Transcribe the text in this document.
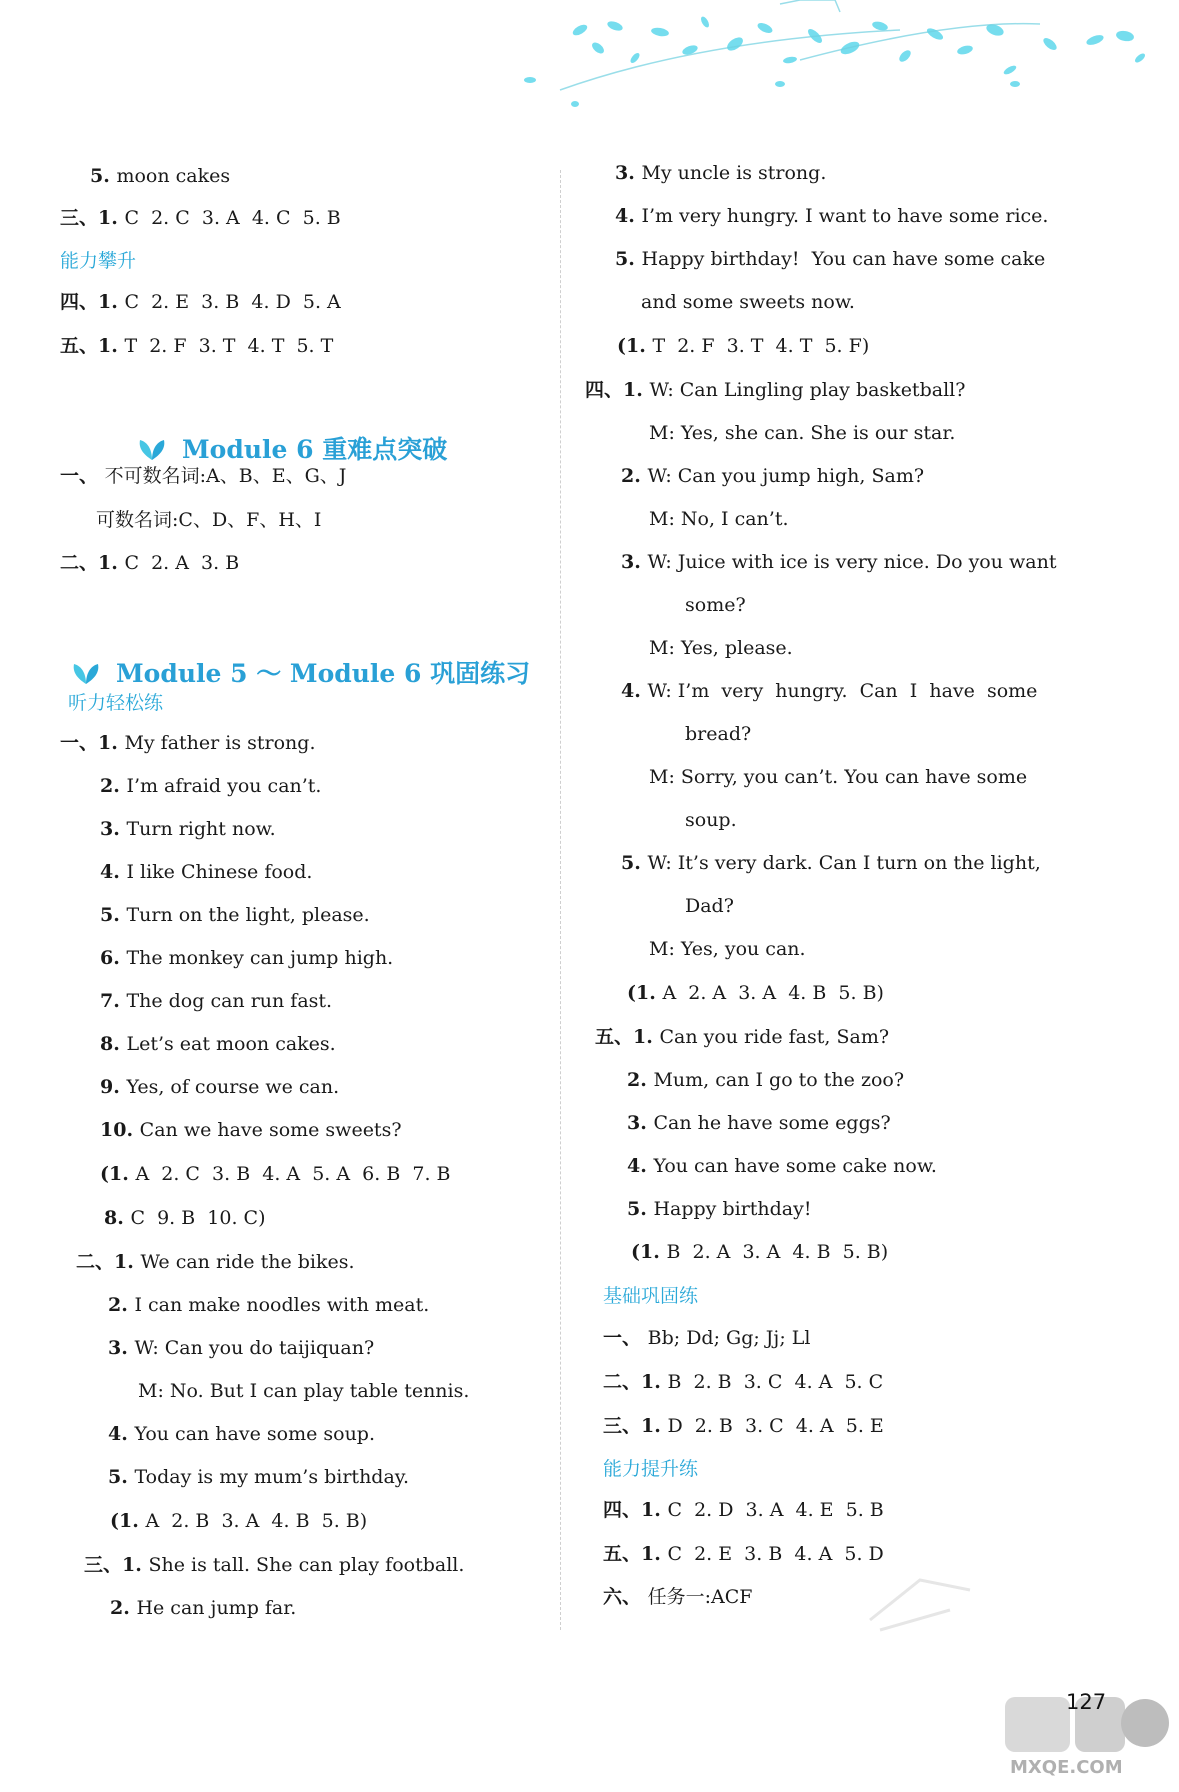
Module 6 重难点突破
Module 5 ～ Module 6 巩固练习
5. moon cakes
三、1. C  2. C  3. A  4. C  5. B
能力攀升
四、1. C  2. E  3. B  4. D  5. A
五、1. T  2. F  3. T  4. T  5. T
一、 不可数名词:A、B、E、G、J
可数名词:C、D、F、H、I
二、1. C  2. A  3. B
听力轻松练
一、1. My father is strong.
2. I’m afraid you can’t.
3. Turn right now.
4. I like Chinese food.
5. Turn on the light, please.
6. The monkey can jump high.
7. The dog can run fast.
8. Let’s eat moon cakes.
9. Yes, of course we can.
10. Can we have some sweets?
(1. A  2. C  3. B  4. A  5. A  6. B  7. B
8. C  9. B  10. C)
二、1. We can ride the bikes.
2. I can make noodles with meat.
3. W: Can you do taijiquan?
M: No. But I can play table tennis.
4. You can have some soup.
5. Today is my mum’s birthday.
(1. A  2. B  3. A  4. B  5. B)
三、1. She is tall. She can play football.
2. He can jump far.
3. My uncle is strong.
4. I’m very hungry. I want to have some rice.
5. Happy birthday!  You can have some cake
and some sweets now.
(1. T  2. F  3. T  4. T  5. F)
四、1. W: Can Lingling play basketball?
M: Yes, she can. She is our star.
2. W: Can you jump high, Sam?
M: No, I can’t.
3. W: Juice with ice is very nice. Do you want
some?
M: Yes, please.
4. W: I’m  very  hungry.  Can  I  have  some
bread?
M: Sorry, you can’t. You can have some
soup.
5. W: It’s very dark. Can I turn on the light,
Dad?
M: Yes, you can.
(1. A  2. A  3. A  4. B  5. B)
五、1. Can you ride fast, Sam?
2. Mum, can I go to the zoo?
3. Can he have some eggs?
4. You can have some cake now.
5. Happy birthday!
(1. B  2. A  3. A  4. B  5. B)
基础巩固练
一、 Bb; Dd; Gg; Jj; Ll
二、1. B  2. B  3. C  4. A  5. C
三、1. D  2. B  3. C  4. A  5. E
能力提升练
四、1. C  2. D  3. A  4. E  5. B
五、1. C  2. E  3. B  4. A  5. D
六、 任务一:ACF
MXQE.COM
127
